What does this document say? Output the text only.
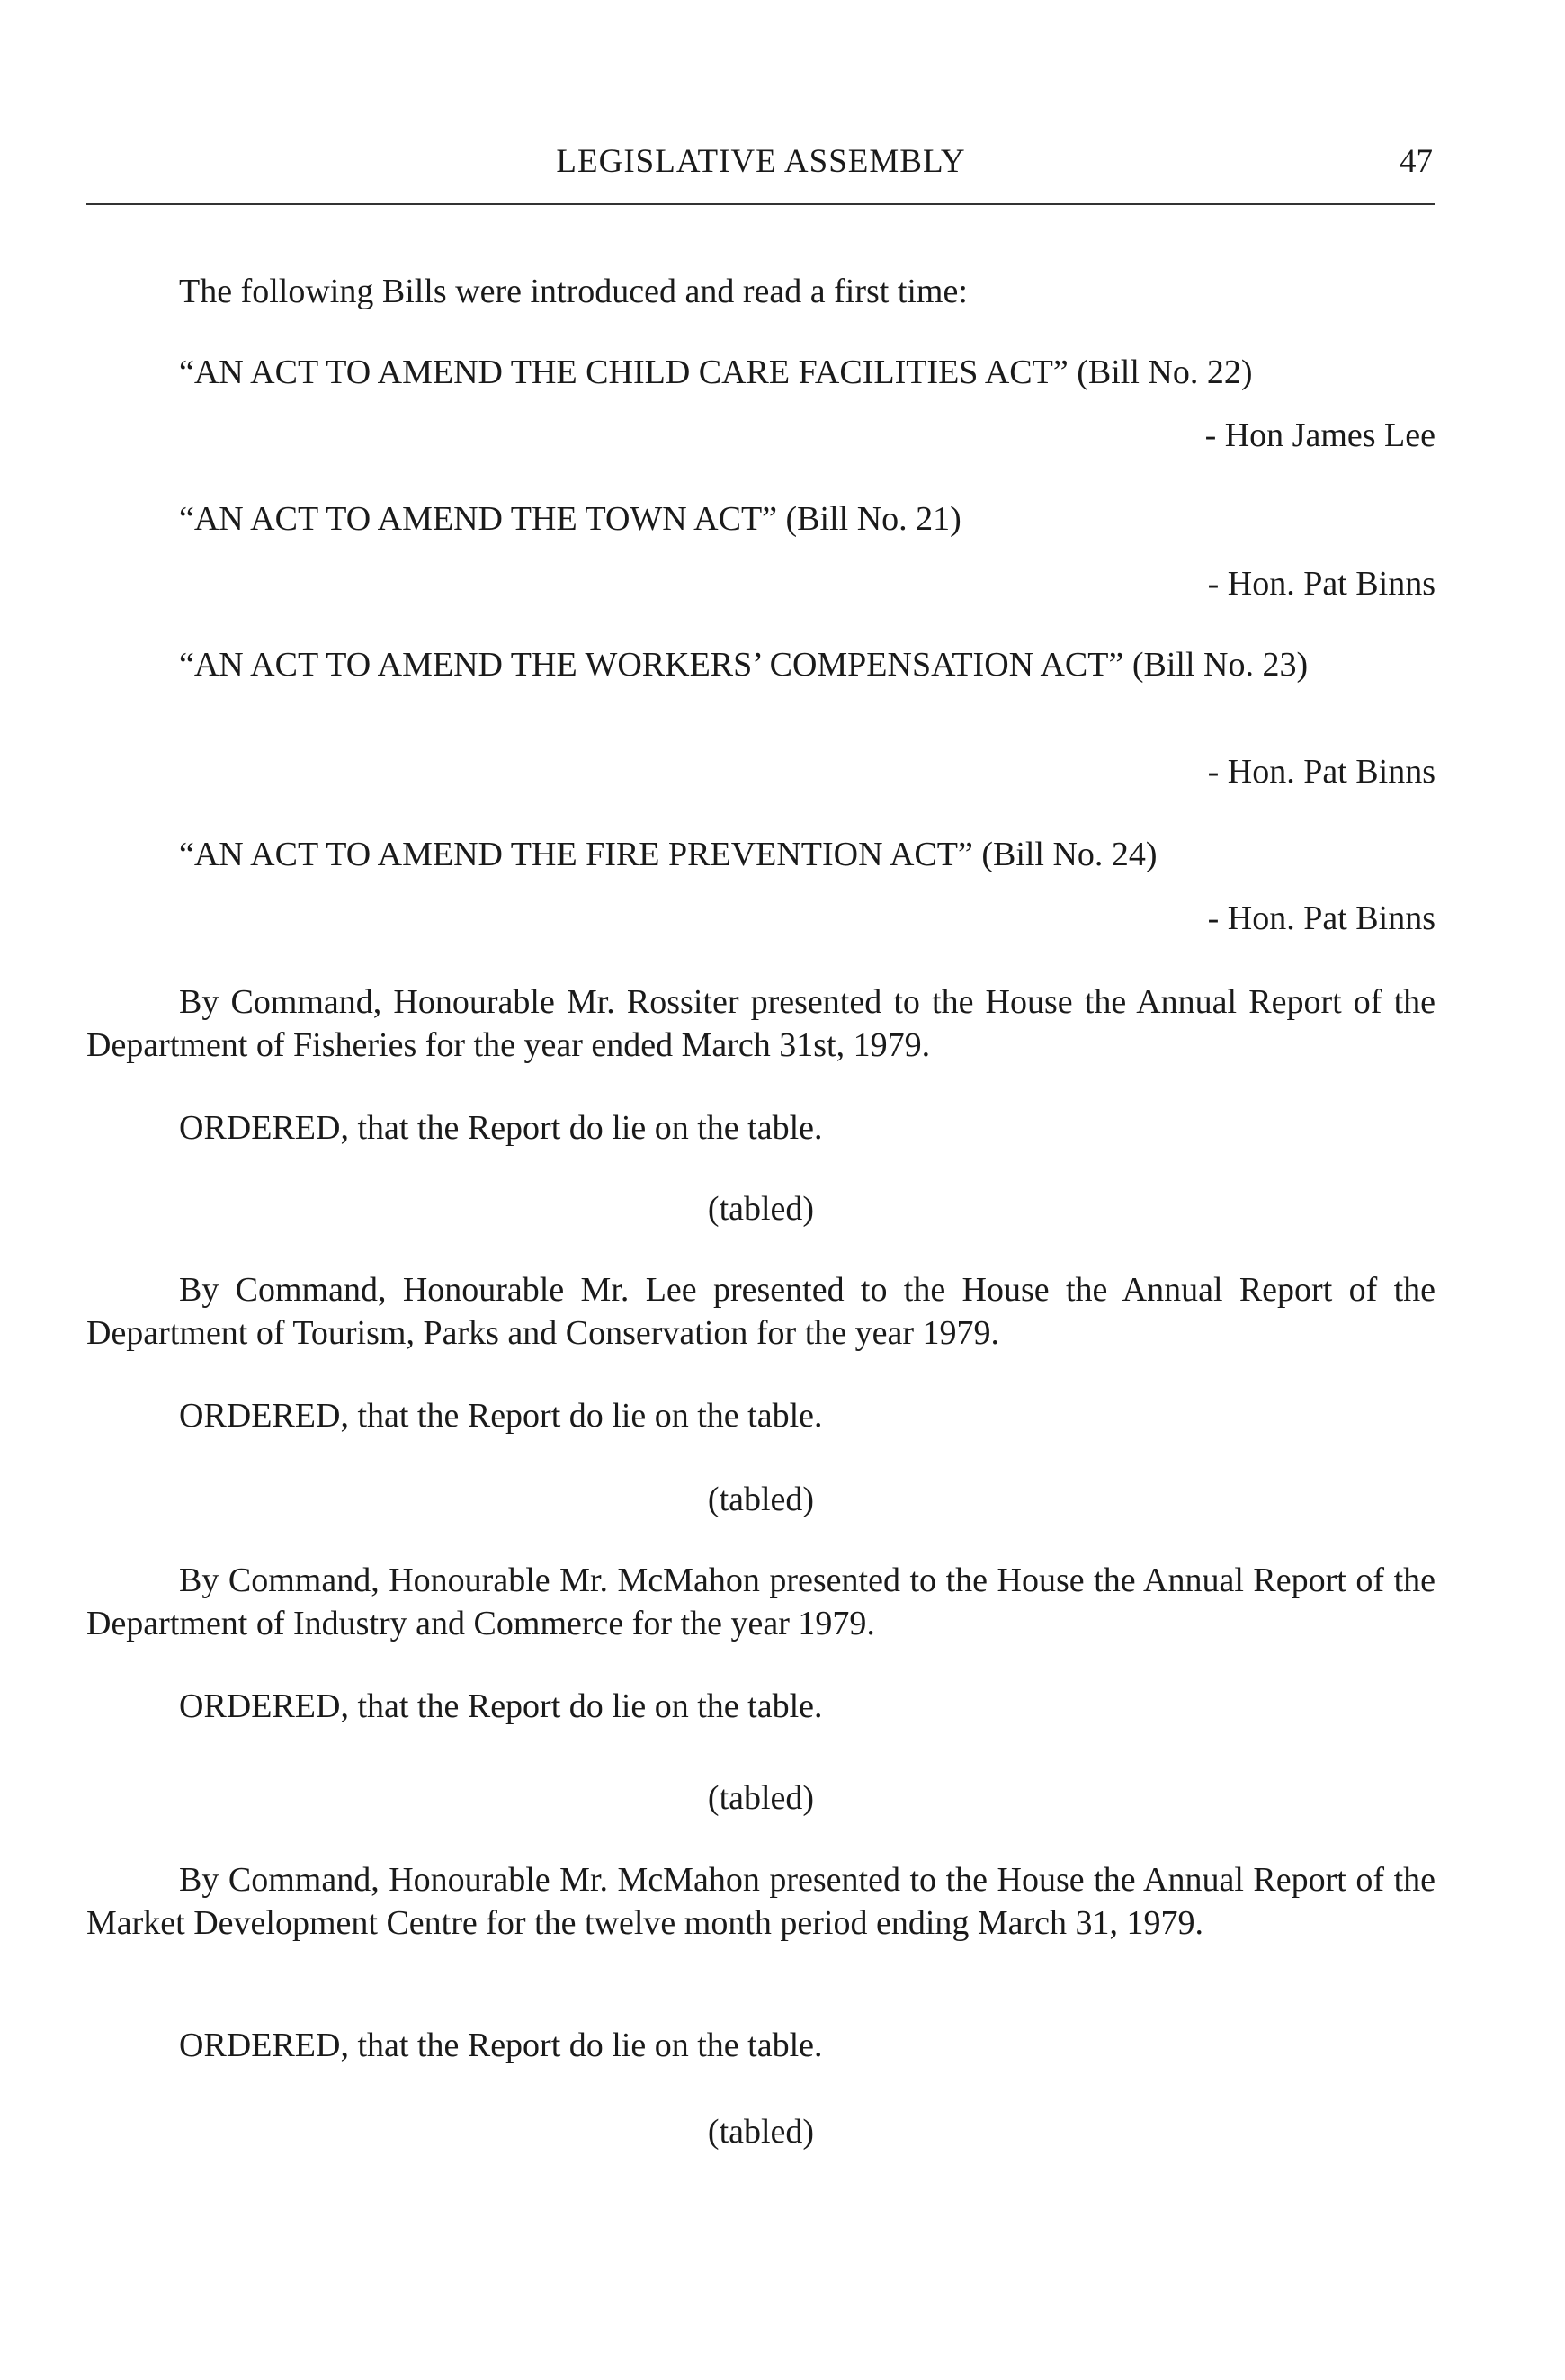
LEGISLATIVE ASSEMBLY	47
The following Bills were introduced and read a first time:
“AN ACT TO AMEND THE CHILD CARE FACILITIES ACT” (Bill No. 22)
- Hon James Lee
“AN ACT TO AMEND THE TOWN ACT” (Bill No. 21)
- Hon. Pat Binns
“AN ACT TO AMEND THE WORKERS’ COMPENSATION ACT” (Bill No. 23)
- Hon. Pat Binns
“AN ACT TO AMEND THE FIRE PREVENTION ACT” (Bill No. 24)
- Hon. Pat Binns
By Command, Honourable Mr. Rossiter presented to the House the Annual Report of the Department of Fisheries for the year ended March 31st, 1979.
ORDERED, that the Report do lie on the table.
(tabled)
By Command, Honourable Mr. Lee presented to the House the Annual Report of the Department of Tourism, Parks and Conservation for the year 1979.
ORDERED, that the Report do lie on the table.
(tabled)
By Command, Honourable Mr. McMahon presented to the House the Annual Report of the Department of Industry and Commerce for the year 1979.
ORDERED, that the Report do lie on the table.
(tabled)
By Command, Honourable Mr. McMahon presented to the House the Annual Report of the Market Development Centre for the twelve month period ending March 31, 1979.
ORDERED, that the Report do lie on the table.
(tabled)
